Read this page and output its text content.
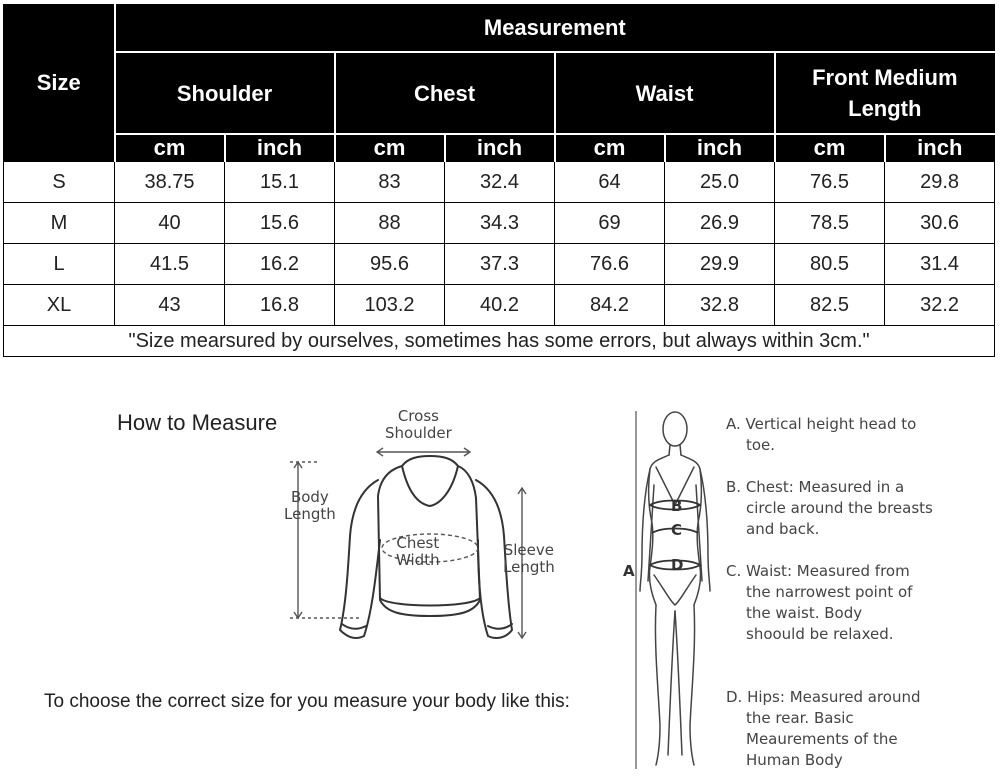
Size	Measurement							
	Shoulder		Chest		Waist		Front Medium Length	
	cm	inch	cm	inch	cm	inch	cm	inch
S	38.75	15.1	83	32.4	64	25.0	76.5	29.8
M	40	15.6	88	34.3	69	26.9	78.5	30.6
L	41.5	16.2	95.6	37.3	76.6	29.9	80.5	31.4
XL	43	16.8	103.2	40.2	84.2	32.8	82.5	32.2
"Size mearsured by ourselves, sometimes has some errors, but always within 3cm."								
How to Measure
To choose the correct size for you measure your body like this:
Cross
Shoulder
Body
Length
Chest
Width
Sleeve
Length	A
B
C
D
A. Vertical height head to toe.
B. Chest: Measured in a circle around the breasts and back.
C. Waist: Measured from the narrowest point of the waist. Body shoould be relaxed.
D. Hips: Measured around the rear. Basic Meaurements of the Human Body
